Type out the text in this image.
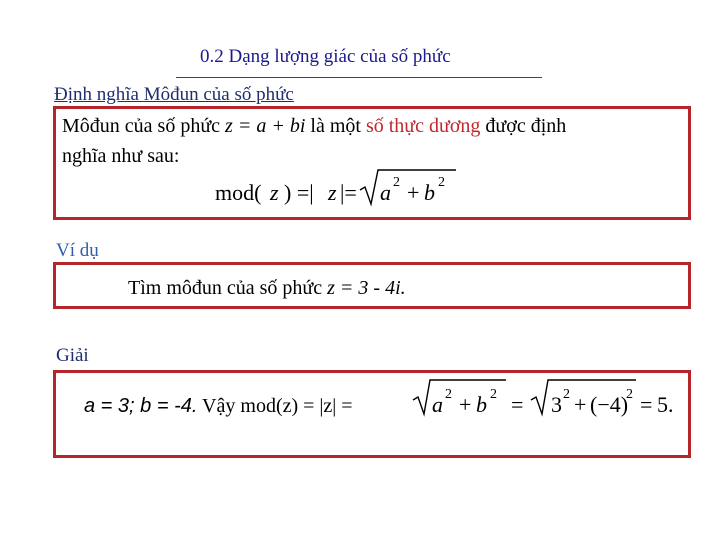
0.2 Dạng lượng giác của số phức
Định nghĩa Môđun của số phức
Môđun của số phức z = a + bi là một số thực dương được định
nghĩa như sau:
mod( z ) =| z |= a 2 + b 2
Ví dụ
Tìm môđun của số phức z = 3 - 4i.
Giải
a = 3; b = -4. Vậy mod(z) = |z| =	a 2 + b 2 = 3 2 + (−4)
2 = 5.
